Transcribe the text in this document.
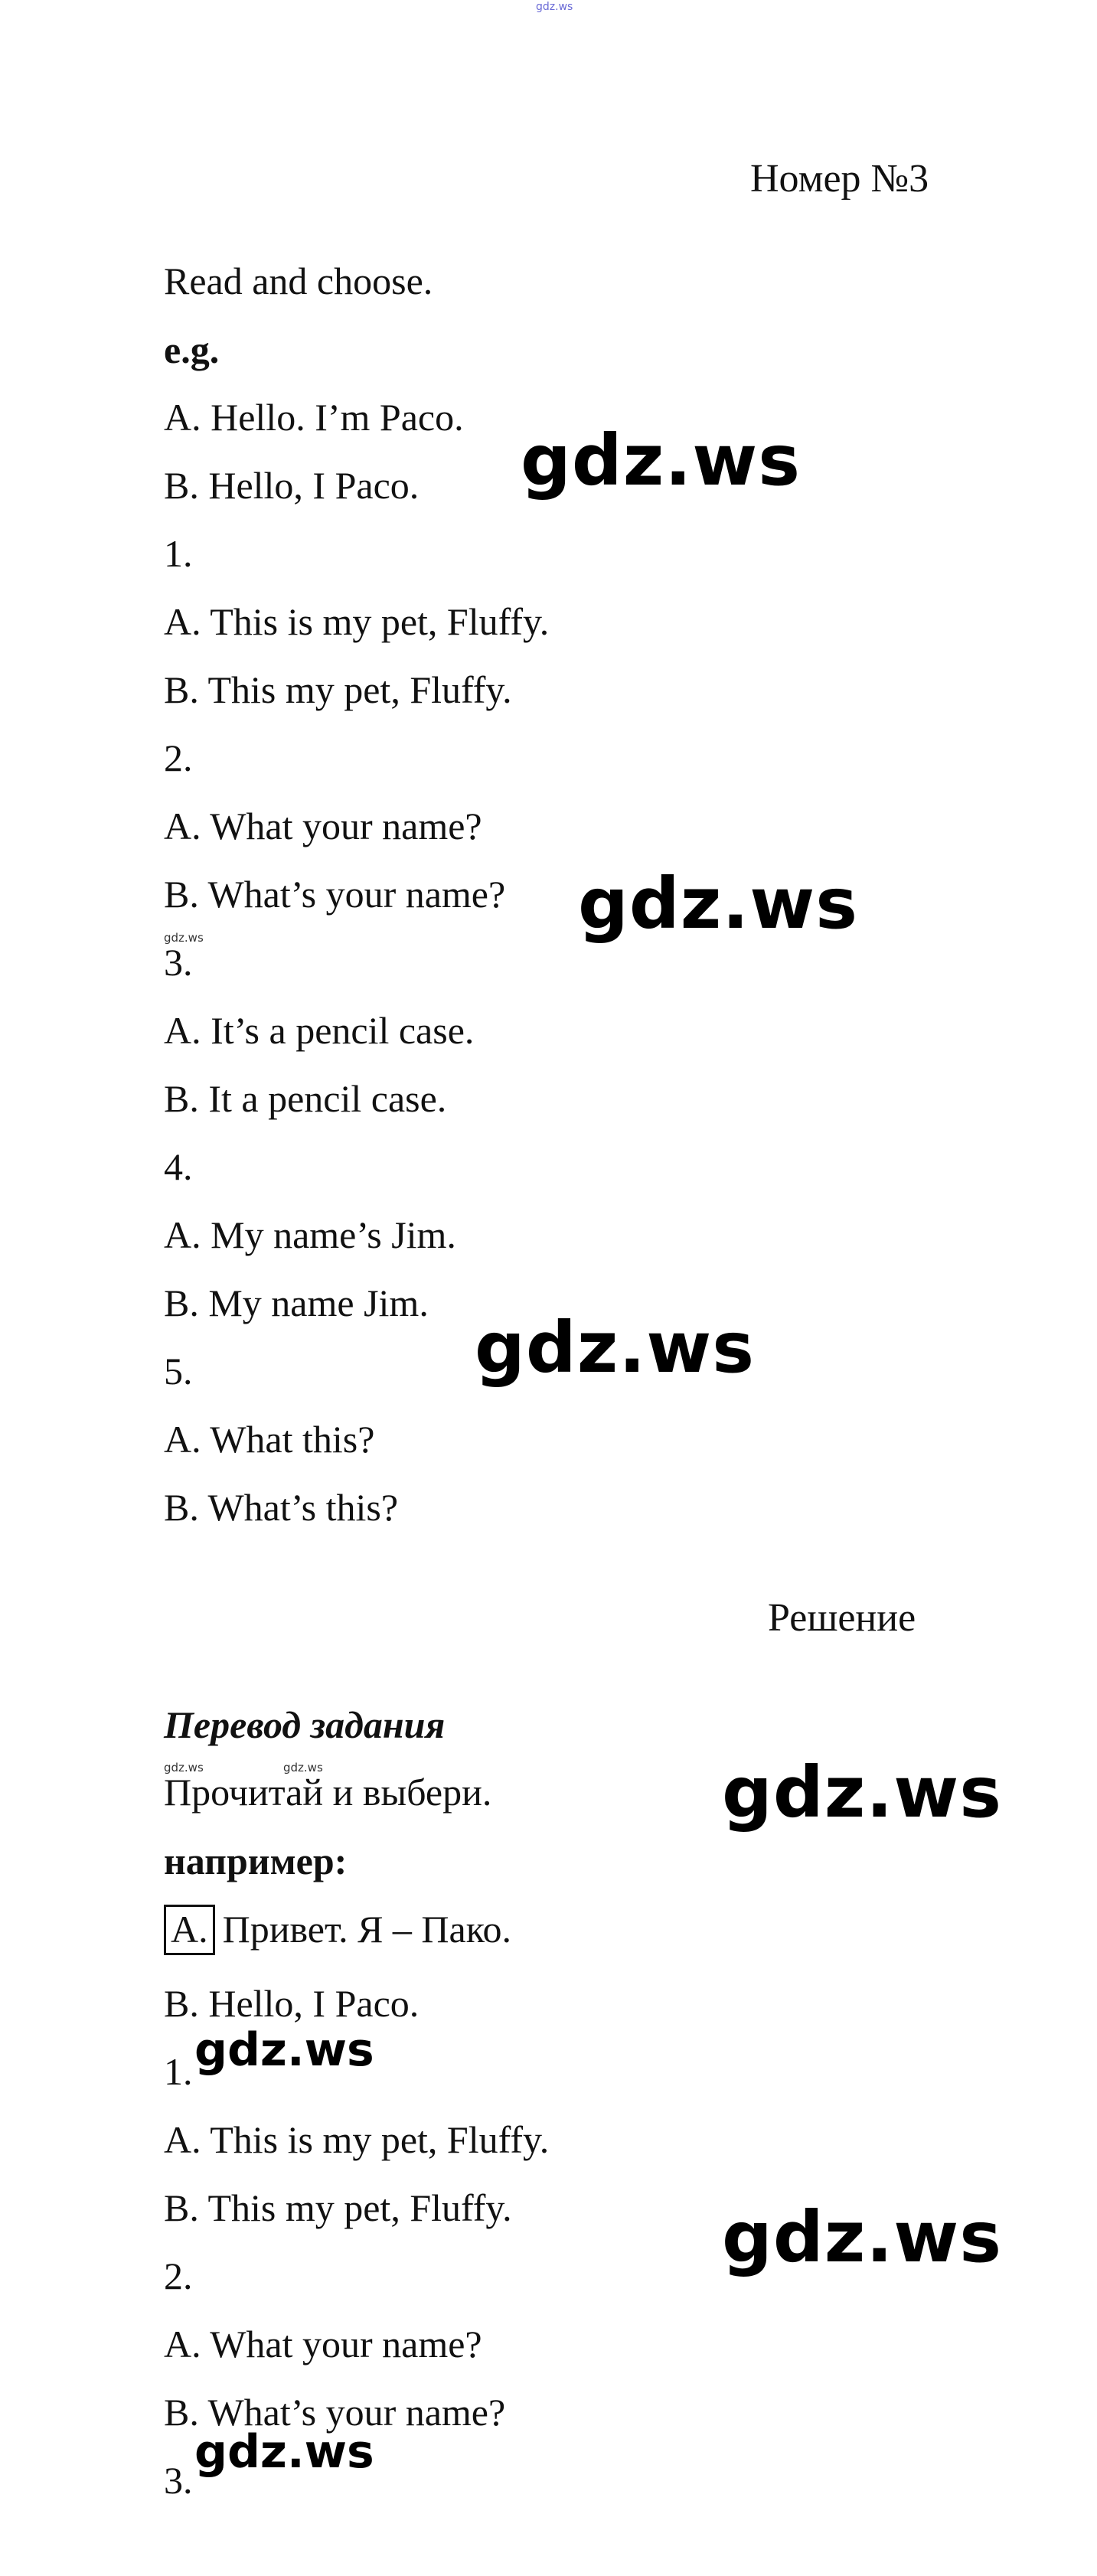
gdz.ws
Номер №3
Read and choose.
e.g.
A. Hello. I’m Paco.
B. Hello, I Paco.
1.
A. This is my pet, Fluffy.
B. This my pet, Fluffy.
2.
A. What your name?
B. What’s your name?
3.
A. It’s a pencil case.
B. It a pencil case.
4.
A. My name’s Jim.
B. My name Jim.
5.
A. What this?
B. What’s this?
Решение
Перевод задания
Прочитай и выбери.
например:
A. Привет. Я – Пако.
B. Hello, I Paco.
1.
A. This is my pet, Fluffy.
B. This my pet, Fluffy.
2.
A. What your name?
B. What’s your name?
3.
gdz.ws
gdz.ws
gdz.ws
gdz.ws
gdz.ws
gdz.ws
gdz.ws
gdz.ws
gdz.ws	gdz.ws
